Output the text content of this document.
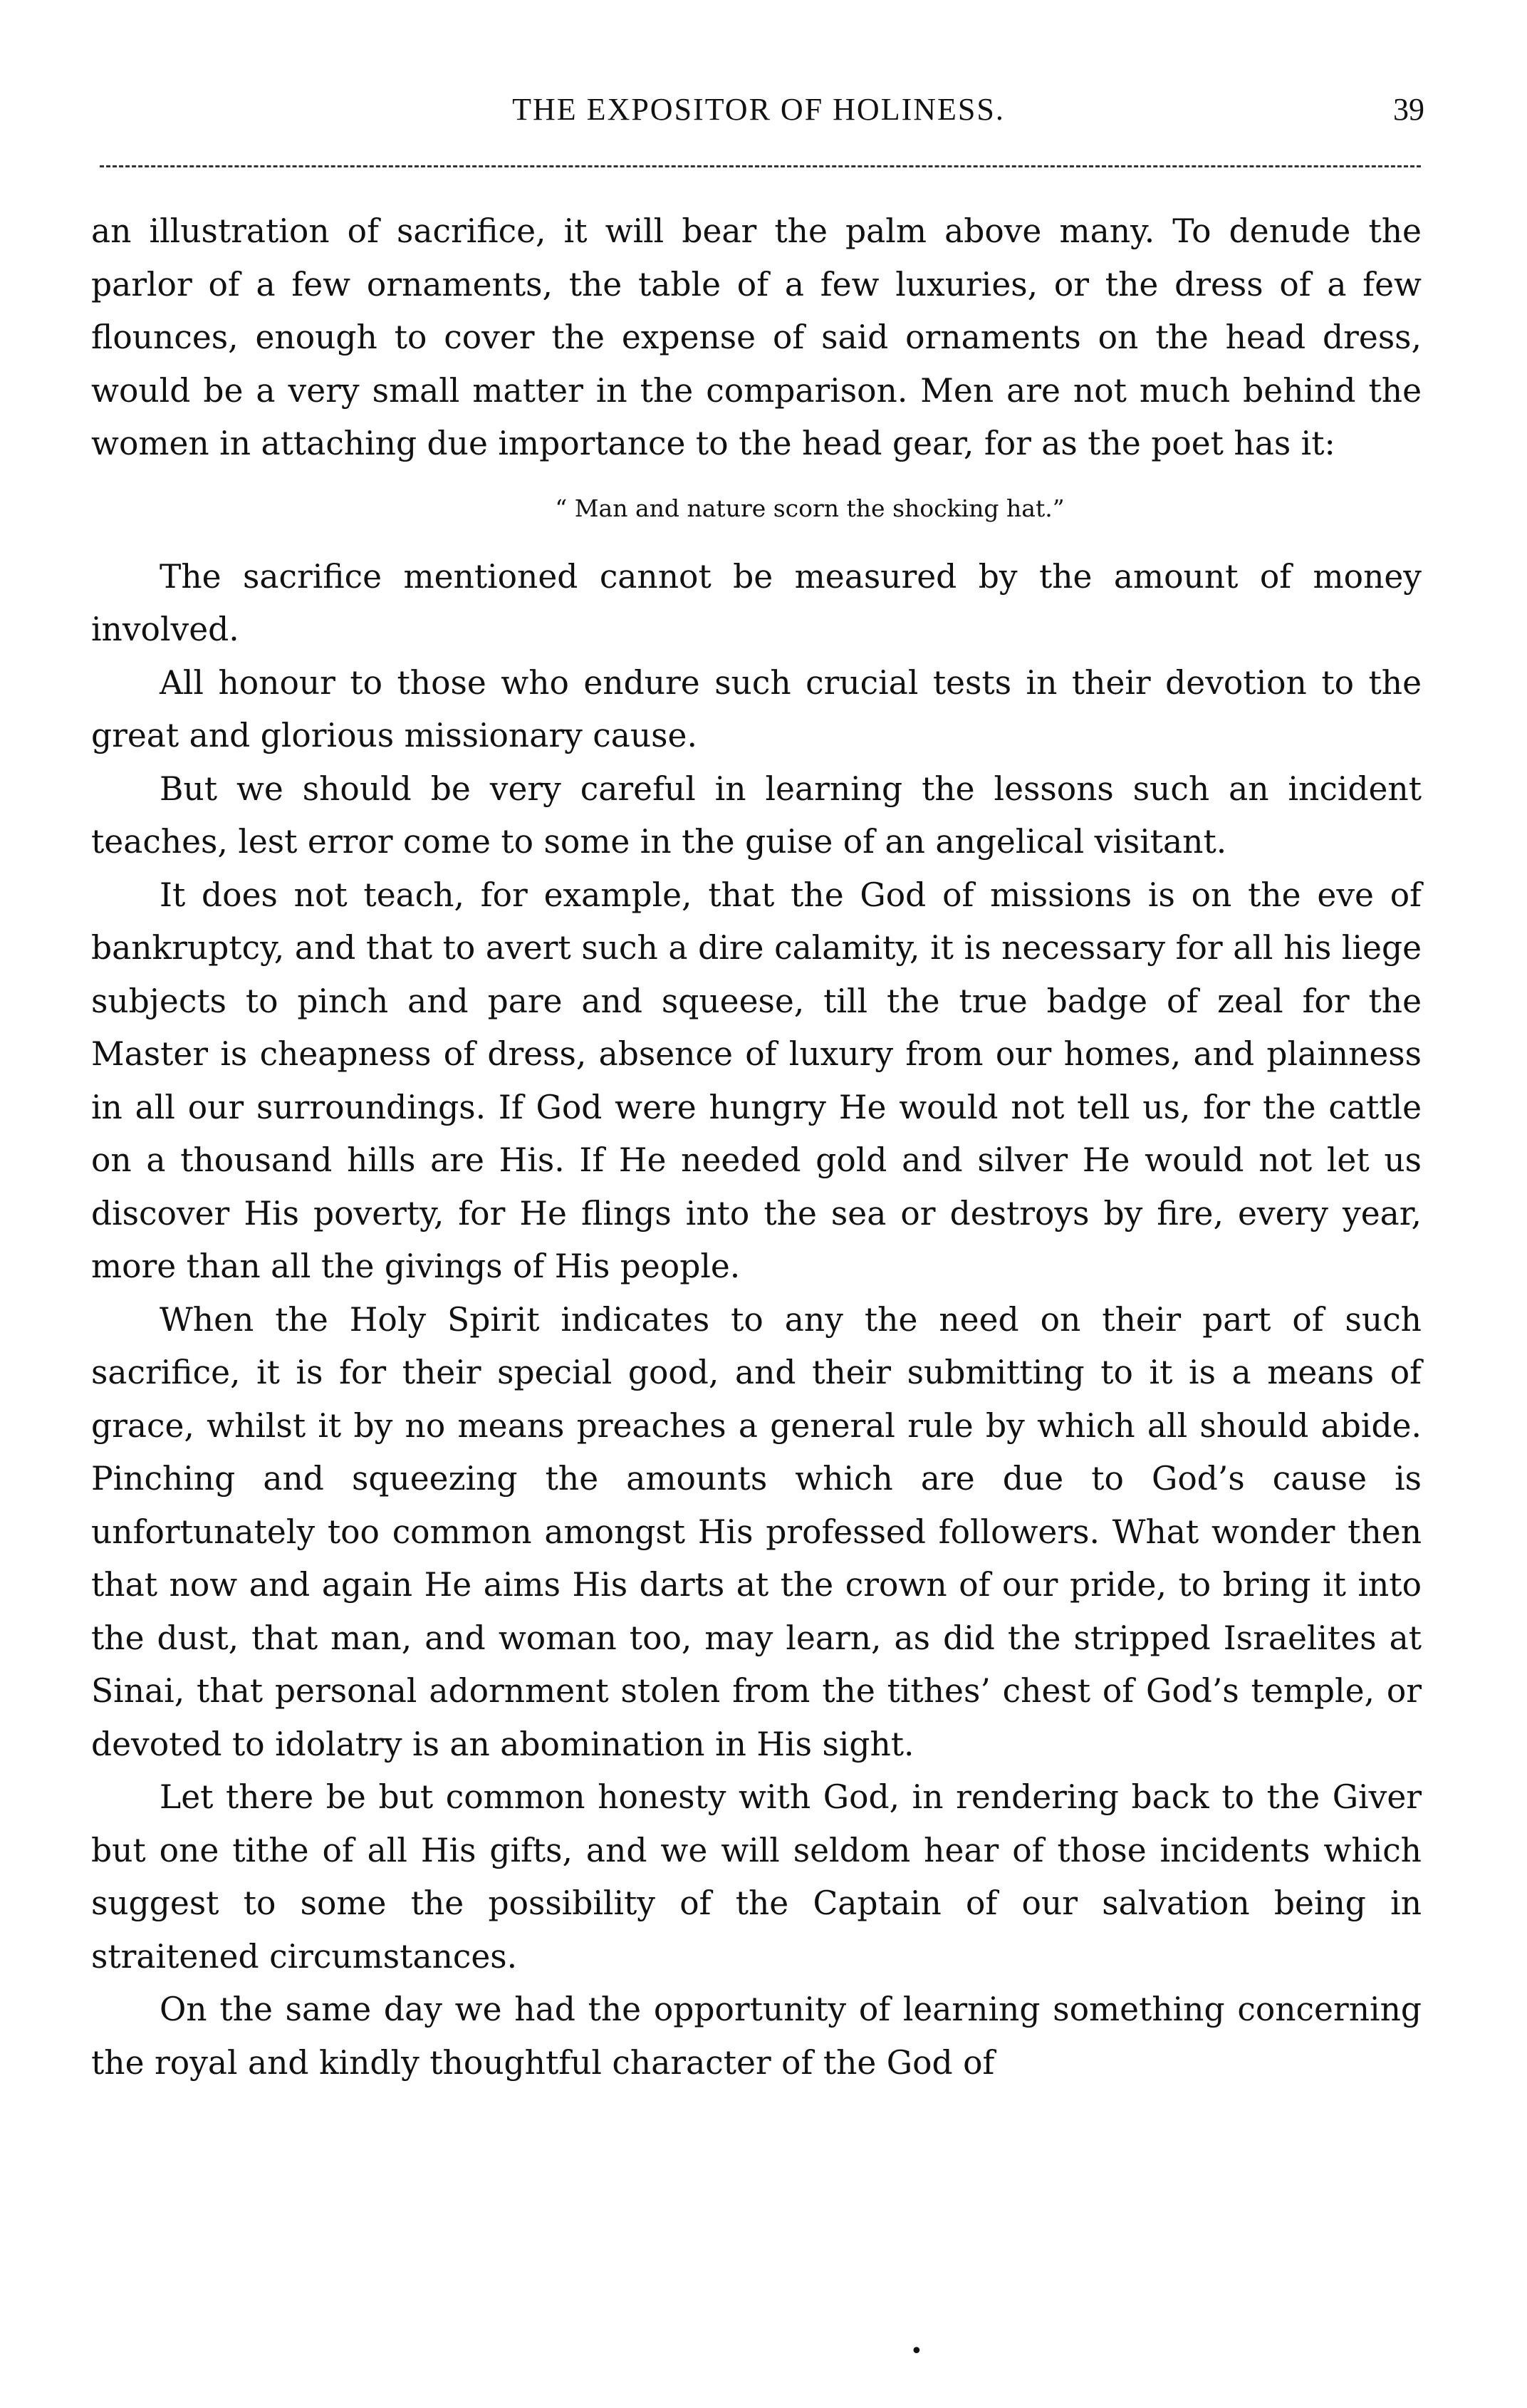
THE EXPOSITOR OF HOLINESS.	39

an illustration of sacrifice, it will bear the palm above many. To denude the parlor of a few ornaments, the table of a few luxuries, or the dress of a few flounces, enough to cover the expense of said ornaments on the head dress, would be a very small matter in the comparison. Men are not much behind the women in attaching due importance to the head gear, for as the poet has it:

“ Man and nature scorn the shocking hat.”

The sacrifice mentioned cannot be measured by the amount of money involved.

All honour to those who endure such crucial tests in their devotion to the great and glorious missionary cause.

But we should be very careful in learning the lessons such an incident teaches, lest error come to some in the guise of an angelical visitant.

It does not teach, for example, that the God of missions is on the eve of bankruptcy, and that to avert such a dire calamity, it is necessary for all his liege subjects to pinch and pare and squeese, till the true badge of zeal for the Master is cheapness of dress, absence of luxury from our homes, and plainness in all our surroundings. If God were hungry He would not tell us, for the cattle on a thousand hills are His. If He needed gold and silver He would not let us discover His poverty, for He flings into the sea or destroys by fire, every year, more than all the givings of His people.

When the Holy Spirit indicates to any the need on their part of such sacrifice, it is for their special good, and their submitting to it is a means of grace, whilst it by no means preaches a general rule by which all should abide. Pinching and squeezing the amounts which are due to God’s cause is unfortunately too common amongst His professed followers. What wonder then that now and again He aims His darts at the crown of our pride, to bring it into the dust, that man, and woman too, may learn, as did the stripped Israelites at Sinai, that personal adornment stolen from the tithes’ chest of God’s temple, or devoted to idolatry is an abomination in His sight.

Let there be but common honesty with God, in rendering back to the Giver but one tithe of all His gifts, and we will seldom hear of those incidents which suggest to some the possibility of the Captain of our salvation being in straitened circumstances.

On the same day we had the opportunity of learning something concerning the royal and kindly thoughtful character of the God of

•
